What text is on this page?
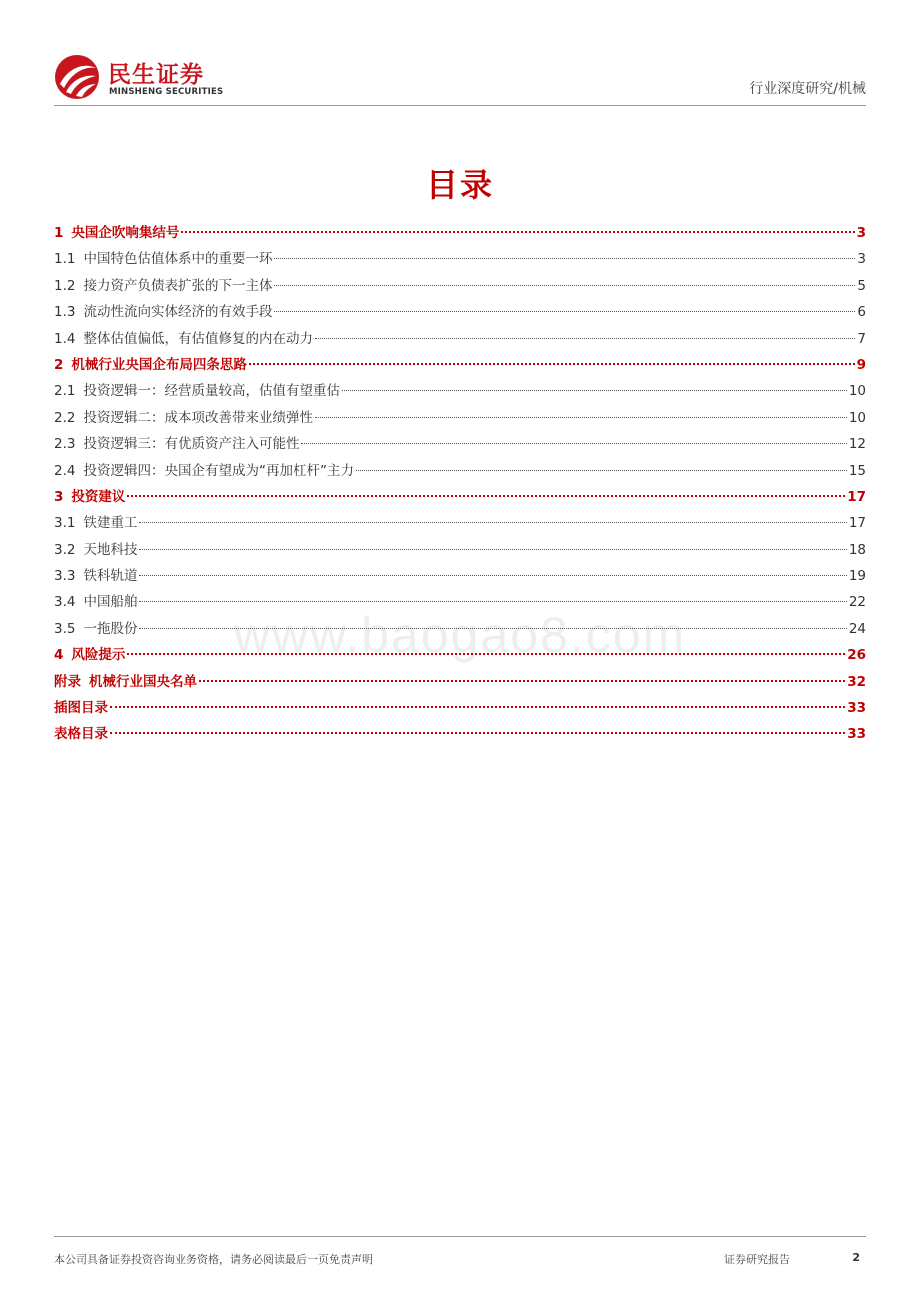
民生证券
MINSHENG SECURITIES	行业深度研究/机械
目录
www.baogao8.com
1 央国企吹响集结号	3
1.1 中国特色估值体系中的重要一环	3
1.2 接力资产负债表扩张的下一主体	5
1.3 流动性流向实体经济的有效手段	6
1.4 整体估值偏低，有估值修复的内在动力	7
2 机械行业央国企布局四条思路	9
2.1 投资逻辑一：经营质量较高，估值有望重估	10
2.2 投资逻辑二：成本项改善带来业绩弹性	10
2.3 投资逻辑三：有优质资产注入可能性	12
2.4 投资逻辑四：央国企有望成为“再加杠杆”主力	15
3 投资建议	17
3.1 铁建重工	17
3.2 天地科技	18
3.3 铁科轨道	19
3.4 中国船舶	22
3.5 一拖股份	24
4 风险提示	26
附录 机械行业国央名单	32
插图目录	33
表格目录	33
本公司具备证券投资咨询业务资格，请务必阅读最后一页免责声明	证券研究报告	2
